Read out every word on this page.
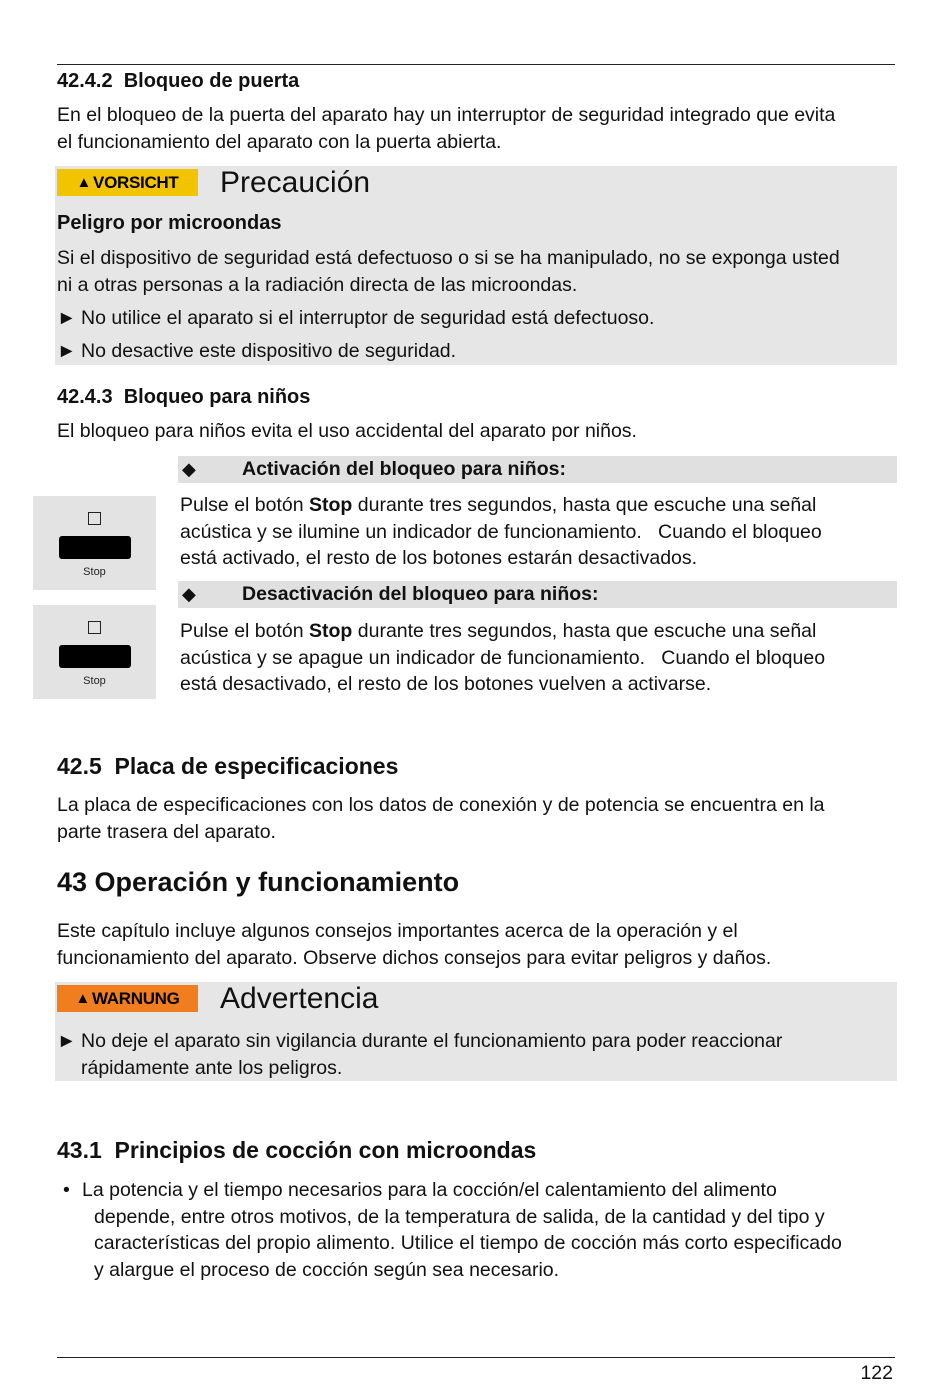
42.4.2  Bloqueo de puerta
En el bloqueo de la puerta del aparato hay un interruptor de seguridad integrado que evita
el funcionamiento del aparato con la puerta abierta.
▲ VORSICHT Precaución
Peligro por microondas
Si el dispositivo de seguridad está defectuoso o si se ha manipulado, no se exponga usted
ni a otras personas a la radiación directa de las microondas.
► No utilice el aparato si el interruptor de seguridad está defectuoso.
► No desactive este dispositivo de seguridad.
42.4.3  Bloqueo para niños
El bloqueo para niños evita el uso accidental del aparato por niños.
◆ Activación del bloqueo para niños:
Stop
Pulse el botón Stop durante tres segundos, hasta que escuche una señal
acústica y se ilumine un indicador de funcionamiento.   Cuando el bloqueo
está activado, el resto de los botones estarán desactivados.
◆ Desactivación del bloqueo para niños:
Stop
Pulse el botón Stop durante tres segundos, hasta que escuche una señal
acústica y se apague un indicador de funcionamiento.   Cuando el bloqueo
está desactivado, el resto de los botones vuelven a activarse.
42.5  Placa de especificaciones
La placa de especificaciones con los datos de conexión y de potencia se encuentra en la
parte trasera del aparato.
43 Operación y funcionamiento
Este capítulo incluye algunos consejos importantes acerca de la operación y el
funcionamiento del aparato. Observe dichos consejos para evitar peligros y daños.
▲ WARNUNG Advertencia
► No deje el aparato sin vigilancia durante el funcionamiento para poder reaccionar
rápidamente ante los peligros.
43.1  Principios de cocción con microondas
• La potencia y el tiempo necesarios para la cocción/el calentamiento del alimento
depende, entre otros motivos, de la temperatura de salida, de la cantidad y del tipo y
características del propio alimento. Utilice el tiempo de cocción más corto especificado
y alargue el proceso de cocción según sea necesario.
122
